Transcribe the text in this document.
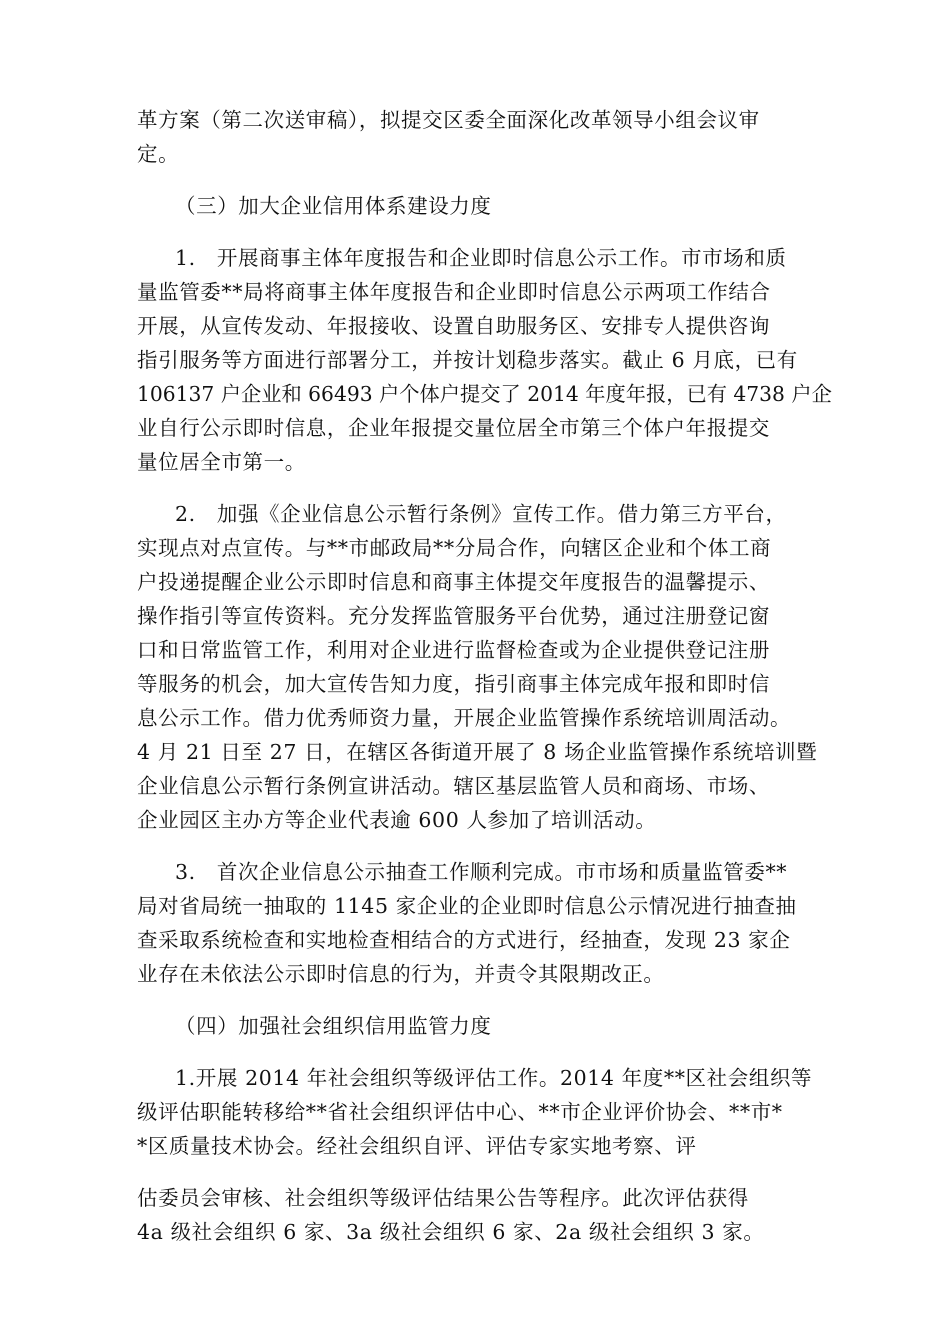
革方案（第二次送审稿），拟提交区委全面深化改革领导小组会议审
定。
（三）加大企业信用体系建设力度
1.　开展商事主体年度报告和企业即时信息公示工作。市市场和质
量监管委**局将商事主体年度报告和企业即时信息公示两项工作结合
开展，从宣传发动、年报接收、设置自助服务区、安排专人提供咨询
指引服务等方面进行部署分工，并按计划稳步落实。截止 6 月底，已有
106137 户企业和 66493 户个体户提交了 2014 年度年报，已有 4738 户企
业自行公示即时信息，企业年报提交量位居全市第三个体户年报提交
量位居全市第一。
2.　加强《企业信息公示暂行条例》宣传工作。借力第三方平台，
实现点对点宣传。与**市邮政局**分局合作，向辖区企业和个体工商
户投递提醒企业公示即时信息和商事主体提交年度报告的温馨提示、
操作指引等宣传资料。充分发挥监管服务平台优势，通过注册登记窗
口和日常监管工作，利用对企业进行监督检查或为企业提供登记注册
等服务的机会，加大宣传告知力度，指引商事主体完成年报和即时信
息公示工作。借力优秀师资力量，开展企业监管操作系统培训周活动。
4 月 21 日至 27 日，在辖区各街道开展了 8 场企业监管操作系统培训暨
企业信息公示暂行条例宣讲活动。辖区基层监管人员和商场、市场、
企业园区主办方等企业代表逾 600 人参加了培训活动。
3.　首次企业信息公示抽查工作顺利完成。市市场和质量监管委**
局对省局统一抽取的 1145 家企业的企业即时信息公示情况进行抽查抽
查采取系统检查和实地检查相结合的方式进行，经抽查，发现 23 家企
业存在未依法公示即时信息的行为，并责令其限期改正。
（四）加强社会组织信用监管力度
1.开展 2014 年社会组织等级评估工作。2014 年度**区社会组织等
级评估职能转移给**省社会组织评估中心、**市企业评价协会、**市*
*区质量技术协会。经社会组织自评、评估专家实地考察、评
估委员会审核、社会组织等级评估结果公告等程序。此次评估获得
4a 级社会组织 6 家、3a 级社会组织 6 家、2a 级社会组织 3 家。
